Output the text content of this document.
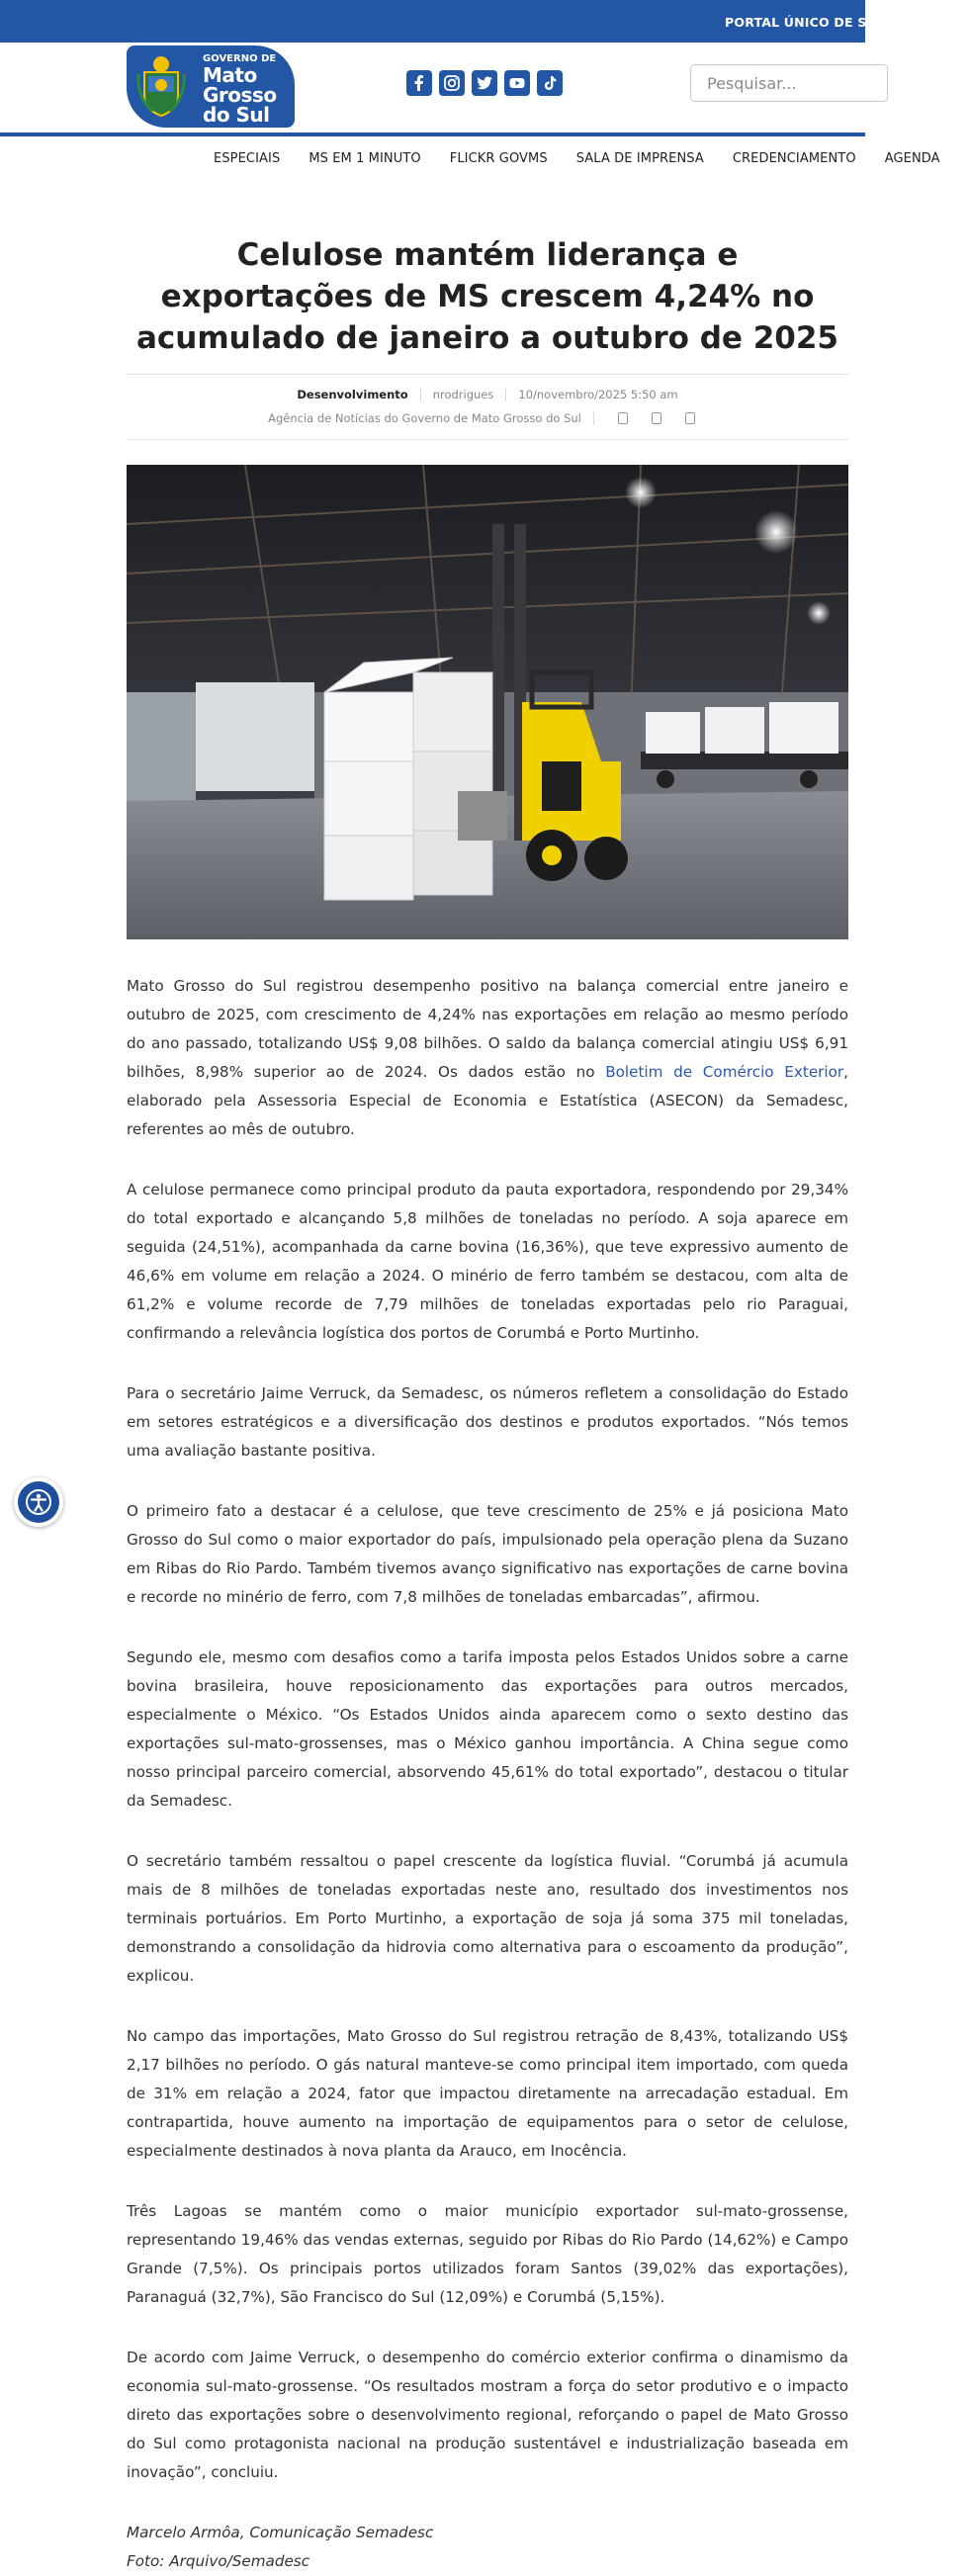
PORTAL ÚNICO DE SERVIÇOS
GOVERNO DE
Mato
Grosso
do Sul
Pesquisar...
ESPECIAIS MS EM 1 MINUTO FLICKR GOVMS SALA DE IMPRENSA CREDENCIAMENTO AGENDA
Celulose mantém liderança e exportações de MS crescem 4,24% no acumulado de janeiro a outubro de 2025
Desenvolvimento nrodrigues 10/novembro/2025 5:50 am
Agência de Notícias do Governo de Mato Grosso do Sul

Mato Grosso do Sul registrou desempenho positivo na balança comercial entre janeiro e outubro de 2025, com crescimento de 4,24% nas exportações em relação ao mesmo período do ano passado, totalizando US$ 9,08 bilhões. O saldo da balança comercial atingiu US$ 6,91 bilhões, 8,98% superior ao de 2024. Os dados estão no Boletim de Comércio Exterior, elaborado pela Assessoria Especial de Economia e Estatística (ASECON) da Semadesc, referentes ao mês de outubro.

A celulose permanece como principal produto da pauta exportadora, respondendo por 29,34% do total exportado e alcançando 5,8 milhões de toneladas no período. A soja aparece em seguida (24,51%), acompanhada da carne bovina (16,36%), que teve expressivo aumento de 46,6% em volume em relação a 2024. O minério de ferro também se destacou, com alta de 61,2% e volume recorde de 7,79 milhões de toneladas exportadas pelo rio Paraguai, confirmando a relevância logística dos portos de Corumbá e Porto Murtinho.

Para o secretário Jaime Verruck, da Semadesc, os números refletem a consolidação do Estado em setores estratégicos e a diversificação dos destinos e produtos exportados. “Nós temos uma avaliação bastante positiva.

O primeiro fato a destacar é a celulose, que teve crescimento de 25% e já posiciona Mato Grosso do Sul como o maior exportador do país, impulsionado pela operação plena da Suzano em Ribas do Rio Pardo. Também tivemos avanço significativo nas exportações de carne bovina e recorde no minério de ferro, com 7,8 milhões de toneladas embarcadas”, afirmou.

Segundo ele, mesmo com desafios como a tarifa imposta pelos Estados Unidos sobre a carne bovina brasileira, houve reposicionamento das exportações para outros mercados, especialmente o México. “Os Estados Unidos ainda aparecem como o sexto destino das exportações sul-mato-grossenses, mas o México ganhou importância. A China segue como nosso principal parceiro comercial, absorvendo 45,61% do total exportado”, destacou o titular da Semadesc.

O secretário também ressaltou o papel crescente da logística fluvial. “Corumbá já acumula mais de 8 milhões de toneladas exportadas neste ano, resultado dos investimentos nos terminais portuários. Em Porto Murtinho, a exportação de soja já soma 375 mil toneladas, demonstrando a consolidação da hidrovia como alternativa para o escoamento da produção”, explicou.

No campo das importações, Mato Grosso do Sul registrou retração de 8,43%, totalizando US$ 2,17 bilhões no período. O gás natural manteve-se como principal item importado, com queda de 31% em relação a 2024, fator que impactou diretamente na arrecadação estadual. Em contrapartida, houve aumento na importação de equipamentos para o setor de celulose, especialmente destinados à nova planta da Arauco, em Inocência.

Três Lagoas se mantém como o maior município exportador sul-mato-grossense, representando 19,46% das vendas externas, seguido por Ribas do Rio Pardo (14,62%) e Campo Grande (7,5%). Os principais portos utilizados foram Santos (39,02% das exportações), Paranaguá (32,7%), São Francisco do Sul (12,09%) e Corumbá (5,15%).

De acordo com Jaime Verruck, o desempenho do comércio exterior confirma o dinamismo da economia sul-mato-grossense. “Os resultados mostram a força do setor produtivo e o impacto direto das exportações sobre o desenvolvimento regional, reforçando o papel de Mato Grosso do Sul como protagonista nacional na produção sustentável e industrialização baseada em inovação”, concluiu.

Marcelo Armôa, Comunicação Semadesc

Foto: Arquivo/Semadesc
